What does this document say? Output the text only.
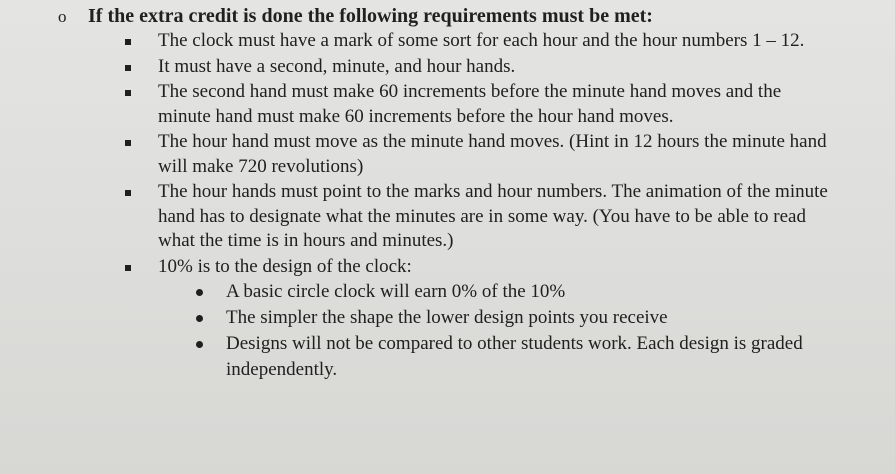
o	If the extra credit is done the following requirements must be met:
The clock must have a mark of some sort for each hour and the hour numbers 1 – 12.
It must have a second, minute, and hour hands.
The second hand must make 60 increments before the minute hand moves and the minute hand must make 60 increments before the hour hand moves.
The hour hand must move as the minute hand moves. (Hint in 12 hours the minute hand will make 720 revolutions)
The hour hands must point to the marks and hour numbers. The animation of the minute hand has to designate what the minutes are in some way. (You have to be able to read what the time is in hours and minutes.)
10% is to the design of the clock:
A basic circle clock will earn 0% of the 10%
The simpler the shape the lower design points you receive
Designs will not be compared to other students work. Each design is graded independently.
